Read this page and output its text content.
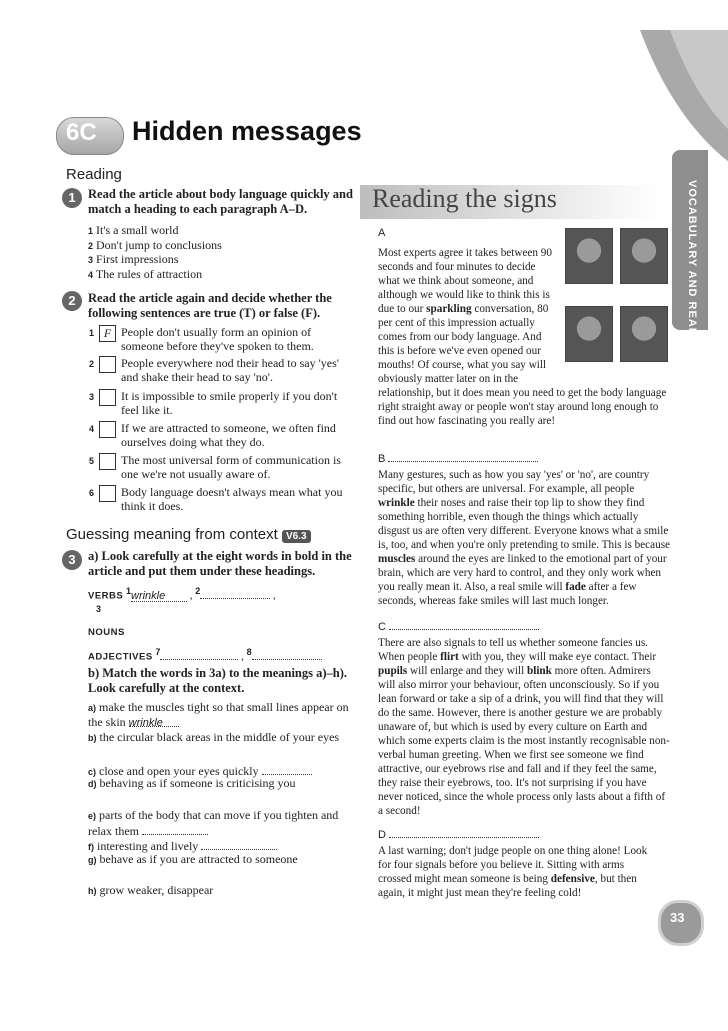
VOCABULARY AND READING
6C Hidden messages
Reading
1 Read the article about body language quickly and match a heading to each paragraph A–D.
1 It's a small world
2 Don't jump to conclusions
3 First impressions
4 The rules of attraction
2 Read the article again and decide whether the following sentences are true (T) or false (F).
1 F People don't usually form an opinion of someone before they've spoken to them.
2 People everywhere nod their head to say 'yes' and shake their head to say 'no'.
3 It is impossible to smile properly if you don't feel like it.
4 If we are attracted to someone, we often find ourselves doing what they do.
5 The most universal form of communication is one we're not usually aware of.
6 Body language doesn't always mean what you think it does.
Guessing meaning from context V6.3
3 a) Look carefully at the eight words in bold in the article and put them under these headings.
VERBS $^1$wrinkle , $^2$	,
3
NOUNS
ADJECTIVES $^7$	, $^8$
b) Match the words in 3a) to the meanings a)–h). Look carefully at the context.
a) make the muscles tight so that small lines appear on the skin wrinkle
b) the circular black areas in the middle of your eyes
c) close and open your eyes quickly
d) behaving as if someone is criticising you
e) parts of the body that can move if you tighten and relax them
f) interesting and lively
g) behave as if you are attracted to someone
h) grow weaker, disappear
Reading the signs
A
Most experts agree it takes between 90 seconds and four minutes to decide what we think about someone, and although we would like to think this is due to our sparkling conversation, 80 per cent of this impression actually comes from our body language. And this is before we've even opened our mouths! Of course, what you say will obviously matter later on in the
relationship, but it does mean you need to get the body language right straight away or people won't stay around long enough to find out how fascinating you really are!
B
Many gestures, such as how you say 'yes' or 'no', are country specific, but others are universal. For example, all people wrinkle their noses and raise their top lip to show they find something horrible, even though the things which actually disgust us are often very different. Everyone knows what a smile is, too, and when you're only pretending to smile. This is because muscles around the eyes are linked to the emotional part of your brain, which are very hard to control, and they only work when you really mean it. Also, a real smile will fade after a few seconds, whereas fake smiles will last much longer.
C
There are also signals to tell us whether someone fancies us. When people flirt with you, they will make eye contact. Their pupils will enlarge and they will blink more often. Admirers will also mirror your behaviour, often unconsciously. So if you lean forward or take a sip of a drink, you will find that they will do the same. However, there is another gesture we are probably unaware of, but which is used by every culture on Earth and which some experts claim is the most instantly recognisable non-verbal human greeting. When we first see someone we find attractive, our eyebrows rise and fall and if they feel the same, they raise their eyebrows, too. It's not surprising if you have never noticed, since the whole process only lasts about a fifth of a second!
D
A last warning; don't judge people on one thing alone! Look for four signals before you believe it. Sitting with arms crossed might mean someone is being defensive, but then again, it might just mean they're feeling cold!
33
